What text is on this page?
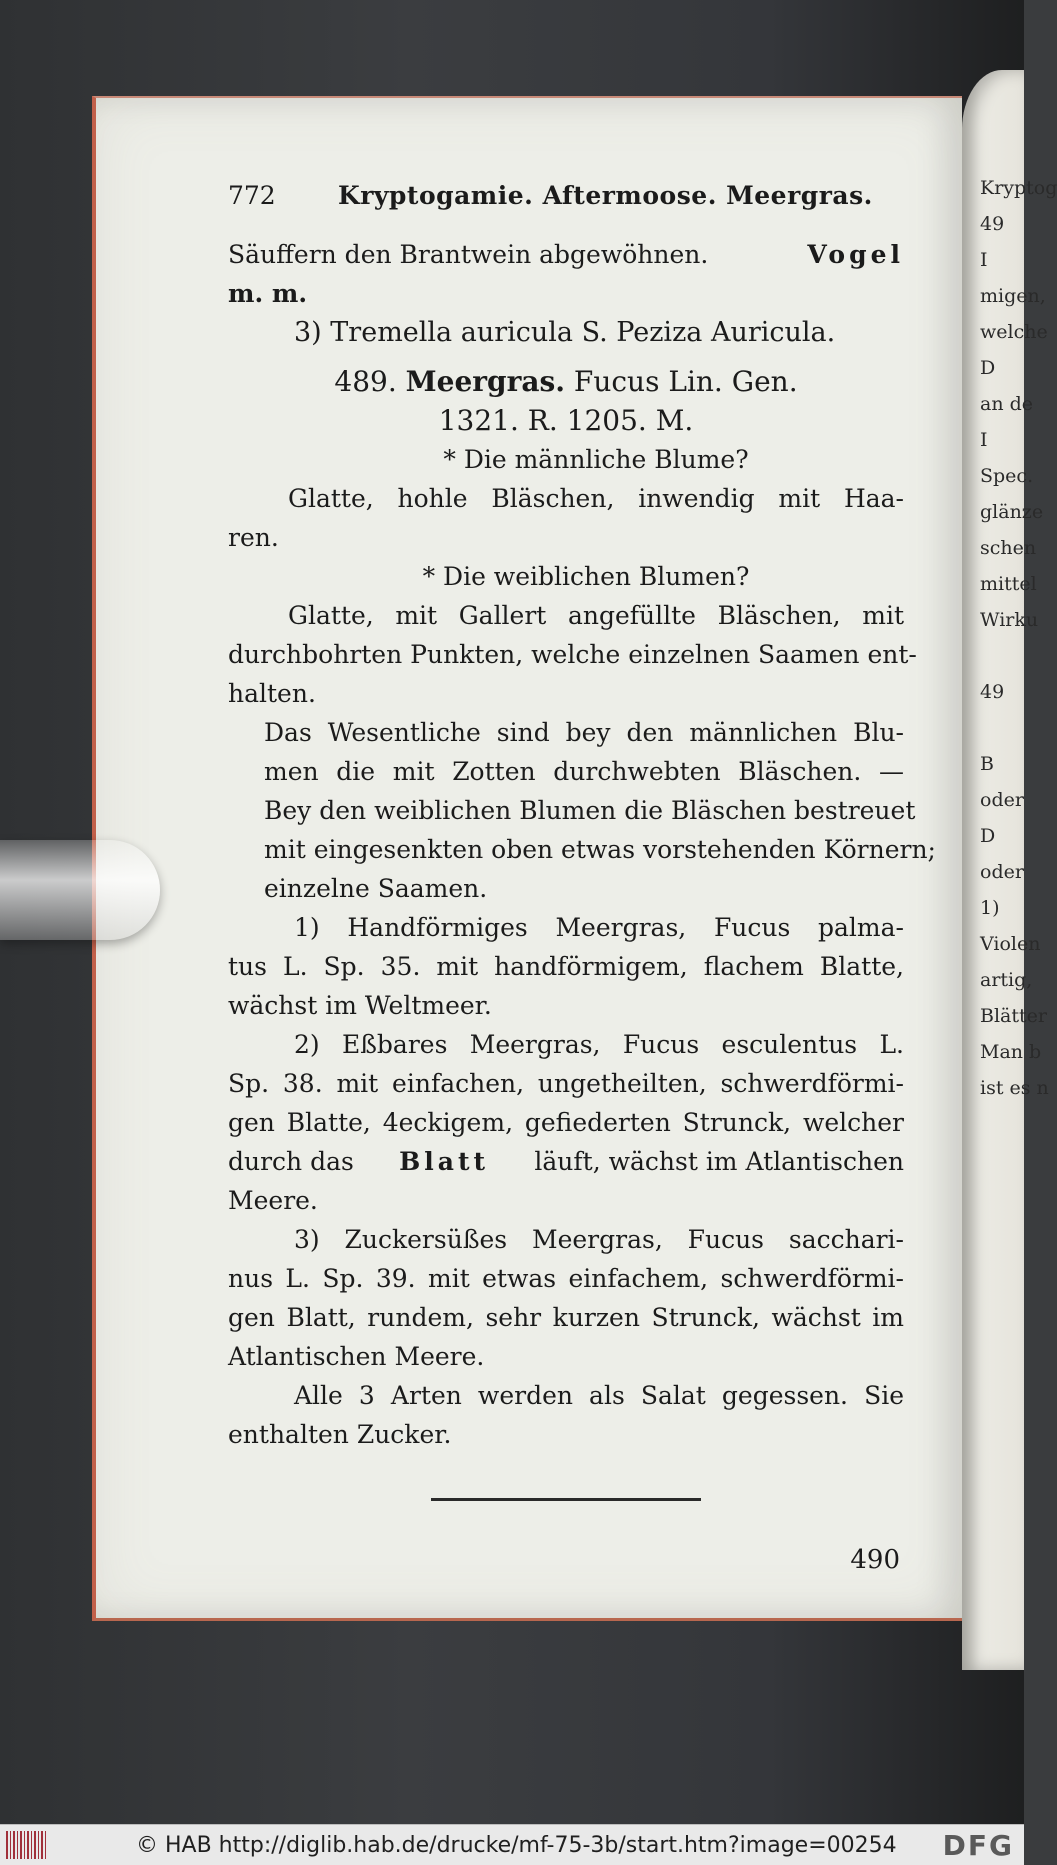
Kryptog
49
I
migen,
welche
D
an de
I
Spec.
glänze
schen
mittel
Wirku

49

B
oder
D
oder
1)
Violen
artig,
Blätter
Man b
ist es n
772	Kryptogamie. Aftermoose. Meergras.
Säuffern den Brantwein abgewöhnen.	Vogel
m. m.
3) Tremella auricula S. Peziza Auricula.
489. Meergras. Fucus Lin. Gen.
1321. R. 1205. M.
* Die männliche Blume?
Glatte, hohle Bläschen, inwendig mit Haa-
ren.
* Die weiblichen Blumen?
Glatte, mit Gallert angefüllte Bläschen, mit
durchbohrten Punkten, welche einzelnen Saamen ent-
halten.
Das Wesentliche sind bey den männlichen Blu-
men die mit Zotten durchwebten Bläschen. —
Bey den weiblichen Blumen die Bläschen bestreuet
mit eingesenkten oben etwas vorstehenden Körnern;
einzelne Saamen.
1) Handförmiges Meergras, Fucus palma-
tus L. Sp. 35. mit handförmigem, flachem Blatte,
wächst im Weltmeer.
2) Eßbares Meergras, Fucus esculentus L.
Sp. 38. mit einfachen, ungetheilten, schwerdförmi-
gen Blatte, 4eckigem, gefiederten Strunck, welcher
durch das Blatt läuft, wächst im Atlantischen
Meere.
3) Zuckersüßes Meergras, Fucus sacchari-
nus L. Sp. 39. mit etwas einfachem, schwerdförmi-
gen Blatt, rundem, sehr kurzen Strunck, wächst im
Atlantischen Meere.
Alle 3 Arten werden als Salat gegessen. Sie
enthalten Zucker.
490
© HAB http://diglib.hab.de/drucke/mf-75-3b/start.htm?image=00254 DFG
